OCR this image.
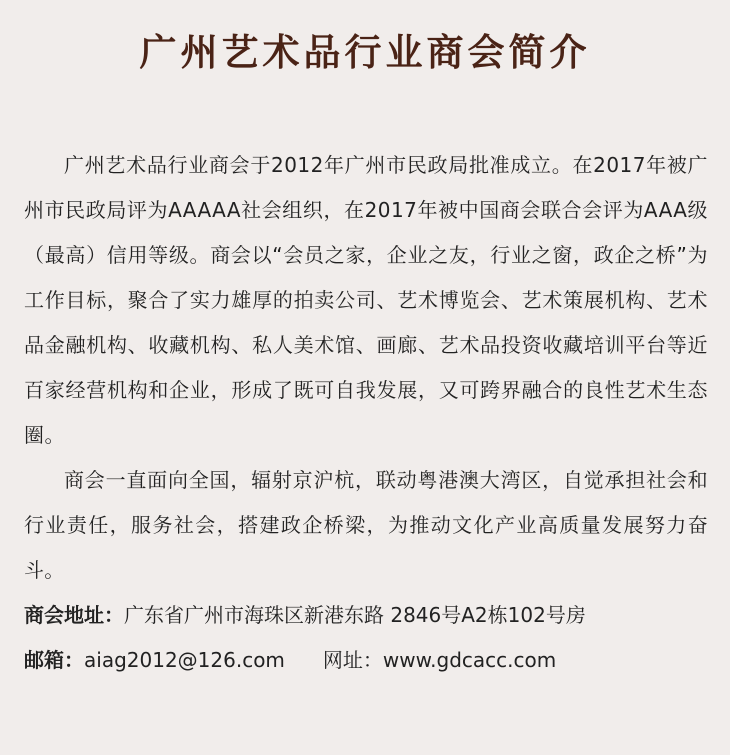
广州艺术品行业商会简介

广州艺术品行业商会于2012年广州市民政局批准成立。在2017年被广州市民政局评为AAAAA社会组织，在2017年被中国商会联合会评为AAA级（最高）信用等级。商会以“会员之家，企业之友，行业之窗，政企之桥”为工作目标，聚合了实力雄厚的拍卖公司、艺术博览会、艺术策展机构、艺术品金融机构、收藏机构、私人美术馆、画廊、艺术品投资收藏培训平台等近百家经营机构和企业，形成了既可自我发展，又可跨界融合的良性艺术生态圈。

商会一直面向全国，辐射京沪杭，联动粤港澳大湾区，自觉承担社会和行业责任，服务社会，搭建政企桥梁，为推动文化产业高质量发展努力奋斗。

商会地址：广东省广州市海珠区新港东路 2846号A2栋102号房
邮箱：aiag2012@126.com 网址：www.gdcacc.com
